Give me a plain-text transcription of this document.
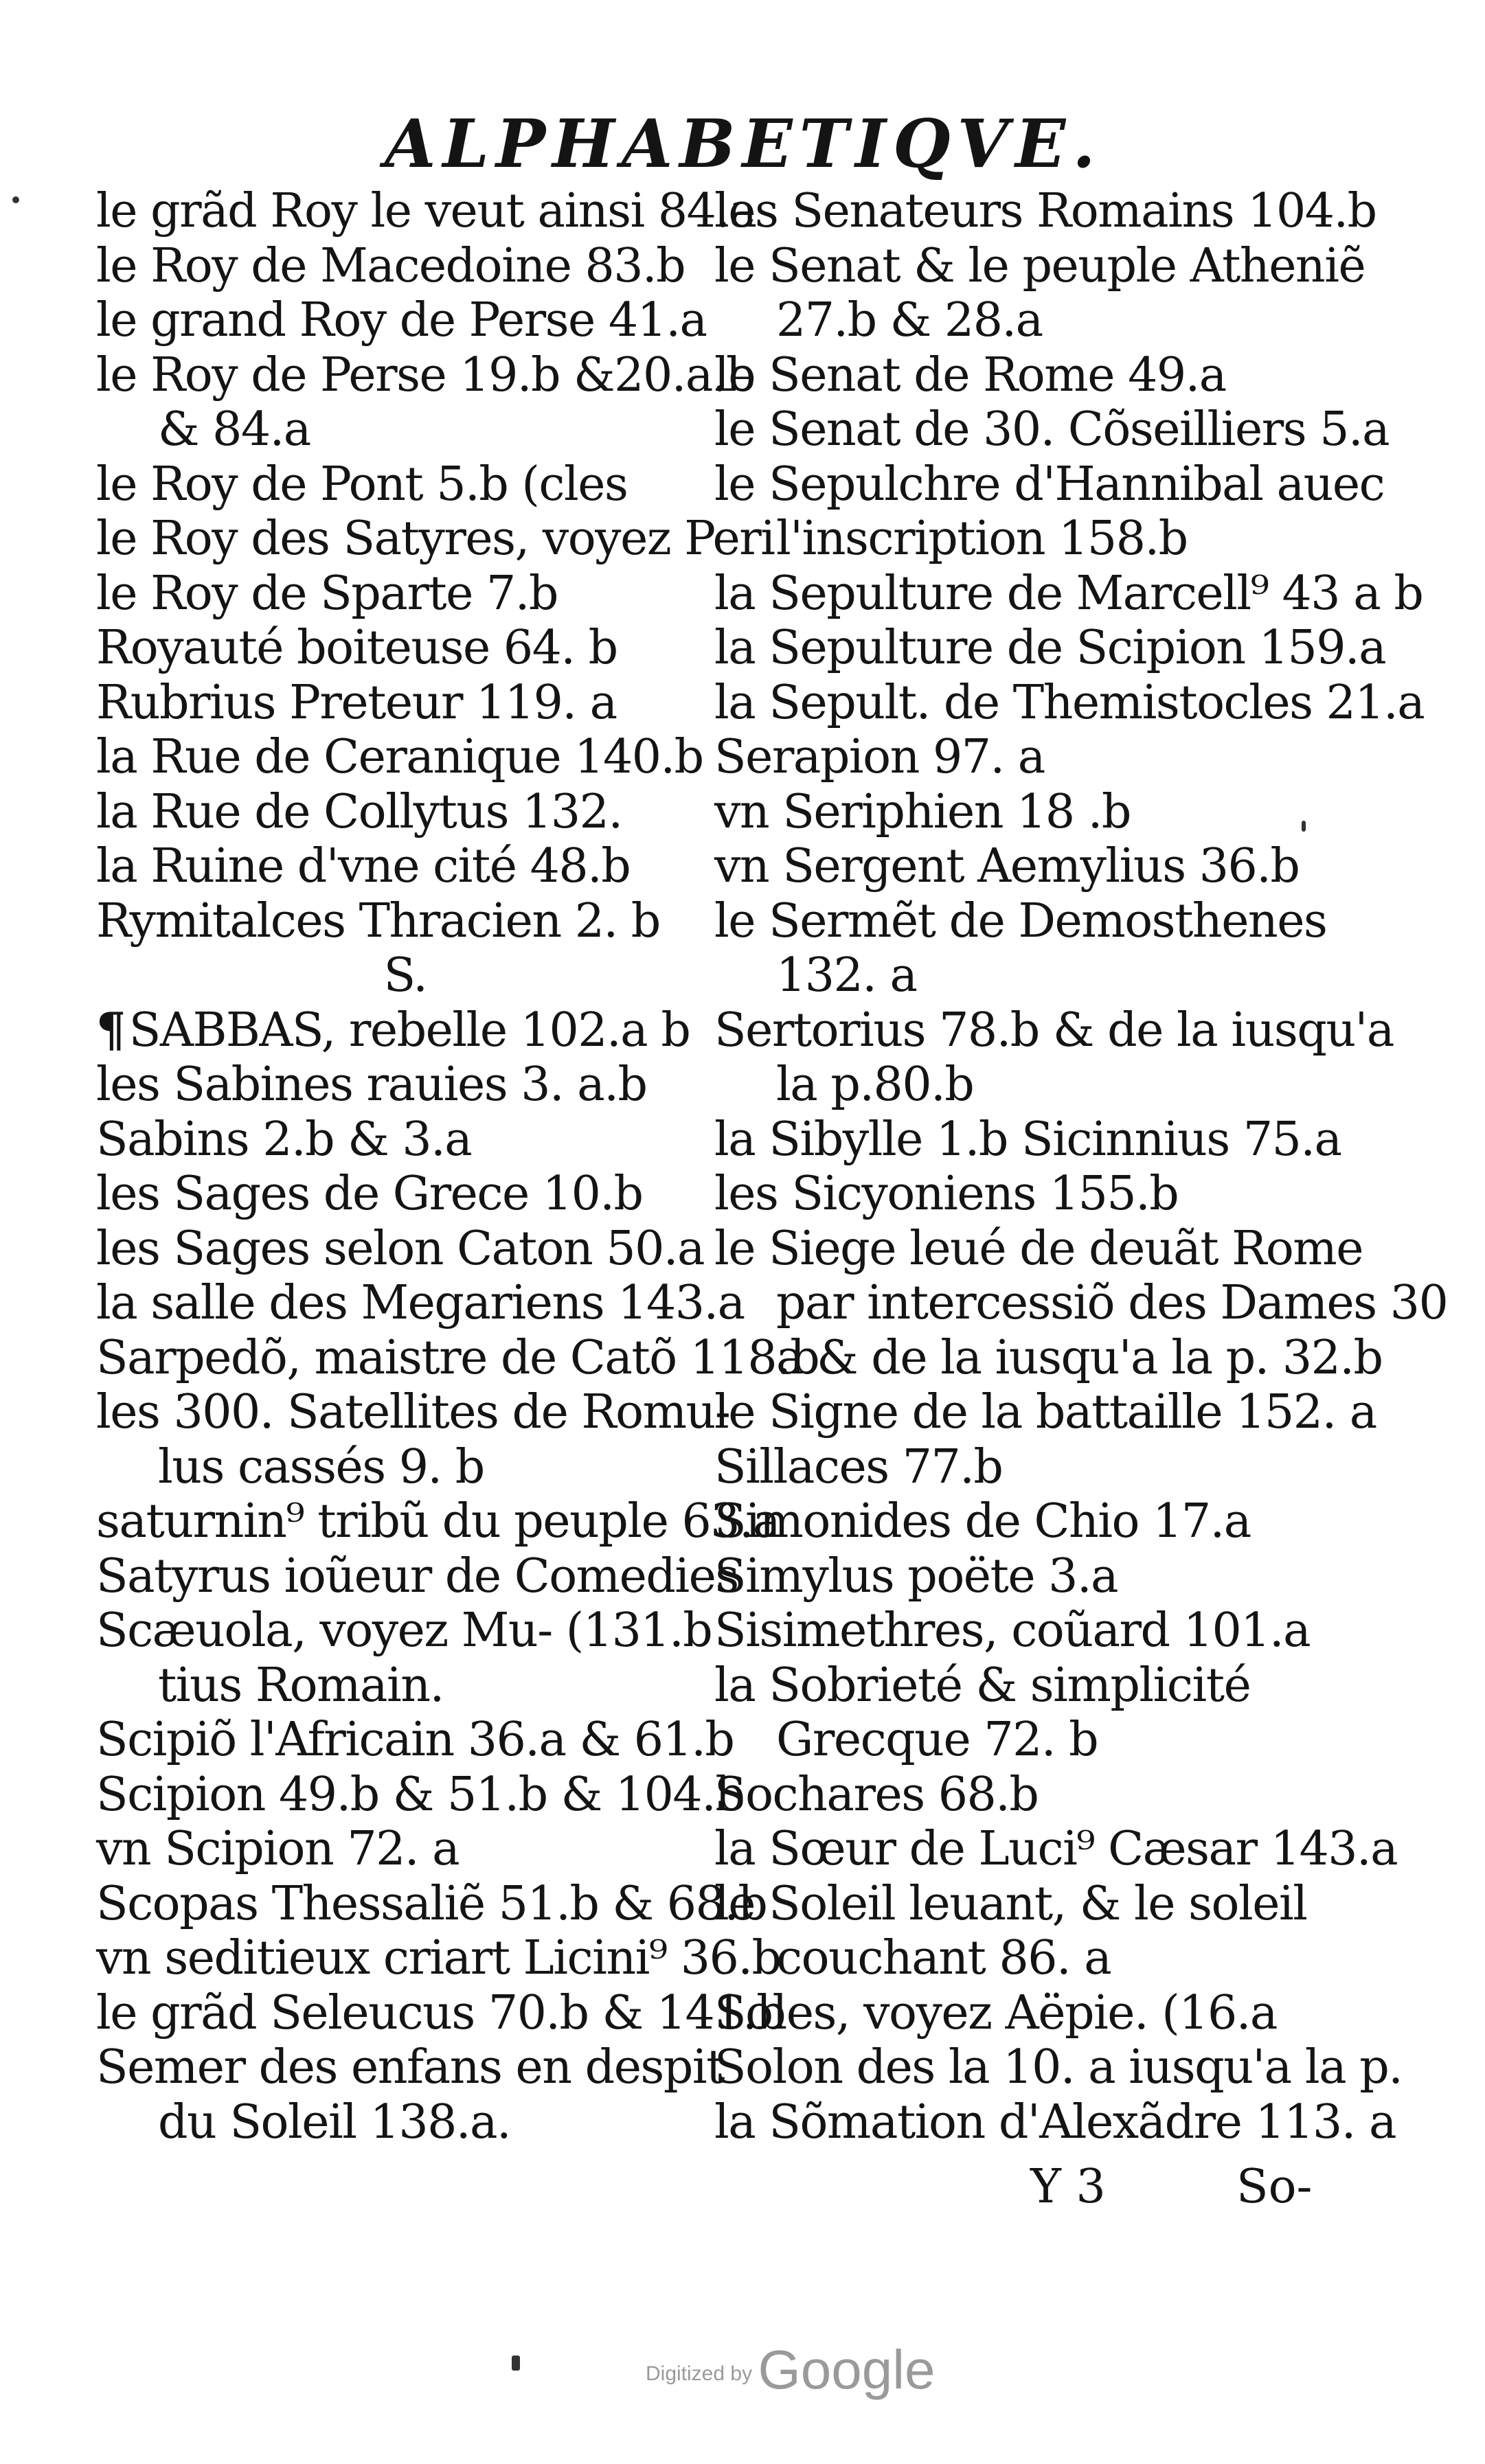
ALPHABETIQVE.
le grãd Roy le veut ainsi 84.a
le Roy de Macedoine 83.b
le grand Roy de Perse 41.a
le Roy de Perse 19.b &20.a.b
& 84.a
le Roy de Pont 5.b (cles
le Roy des Satyres, voyez Peri
le Roy de Sparte 7.b
Royauté boiteuse 64. b
Rubrius Preteur 119. a
la Rue de Ceranique 140.b
la Rue de Collytus 132.
la Ruine d'vne cité 48.b
Rymitalces Thracien 2. b
S.
¶SABBAS, rebelle 102.a b
les Sabines rauies 3. a.b
Sabins 2.b & 3.a
les Sages de Grece 10.b
les Sages selon Caton 50.a
la salle des Megariens 143.a
Sarpedõ, maistre de Catõ 118.b
les 300. Satellites de Romu-
lus cassés 9. b
saturnin⁹ tribũ du peuple 63.a
Satyrus ioũeur de Comedies
Scæuola, voyez Mu- (131.b
tius Romain.
Scipiõ l'Africain 36.a & 61.b
Scipion 49.b & 51.b & 104.b
vn Scipion 72. a
Scopas Thessaliẽ 51.b & 68.b
vn seditieux criart Licini⁹ 36.b
le grãd Seleucus 70.b & 141.b
Semer des enfans en despit
du Soleil 138.a.
les Senateurs Romains 104.b
le Senat & le peuple Atheniẽ
27.b & 28.a
le Senat de Rome 49.a
le Senat de 30. Cõseilliers 5.a
le Sepulchre d'Hannibal auec
l'inscription 158.b
la Sepulture de Marcell⁹ 43 a b
la Sepulture de Scipion 159.a
la Sepult. de Themistocles 21.a
Serapion 97. a
vn Seriphien 18 .b
vn Sergent Aemylius 36.b
le Sermẽt de Demosthenes
132. a
Sertorius 78.b & de la iusqu'a
la p.80.b
la Sibylle 1.b Sicinnius 75.a
les Sicyoniens 155.b
le Siege leué de deuãt Rome
par intercessiõ des Dames 30
a & de la iusqu'a la p. 32.b
le Signe de la battaille 152. a
Sillaces 77.b
Simonides de Chio 17.a
Simylus poëte 3.a
Sisimethres, coũard 101.a
la Sobrieté & simplicité
Grecque 72. b
Sochares 68.b
la Sœur de Luci⁹ Cæsar 143.a
le Soleil leuant, & le soleil
couchant 86. a
Soles, voyez Aëpie. (16.a
Solon des la 10. a iusqu'a la p.
la Sõmation d'Alexãdre 113. a
Y 3	So-
Digitized by Google
